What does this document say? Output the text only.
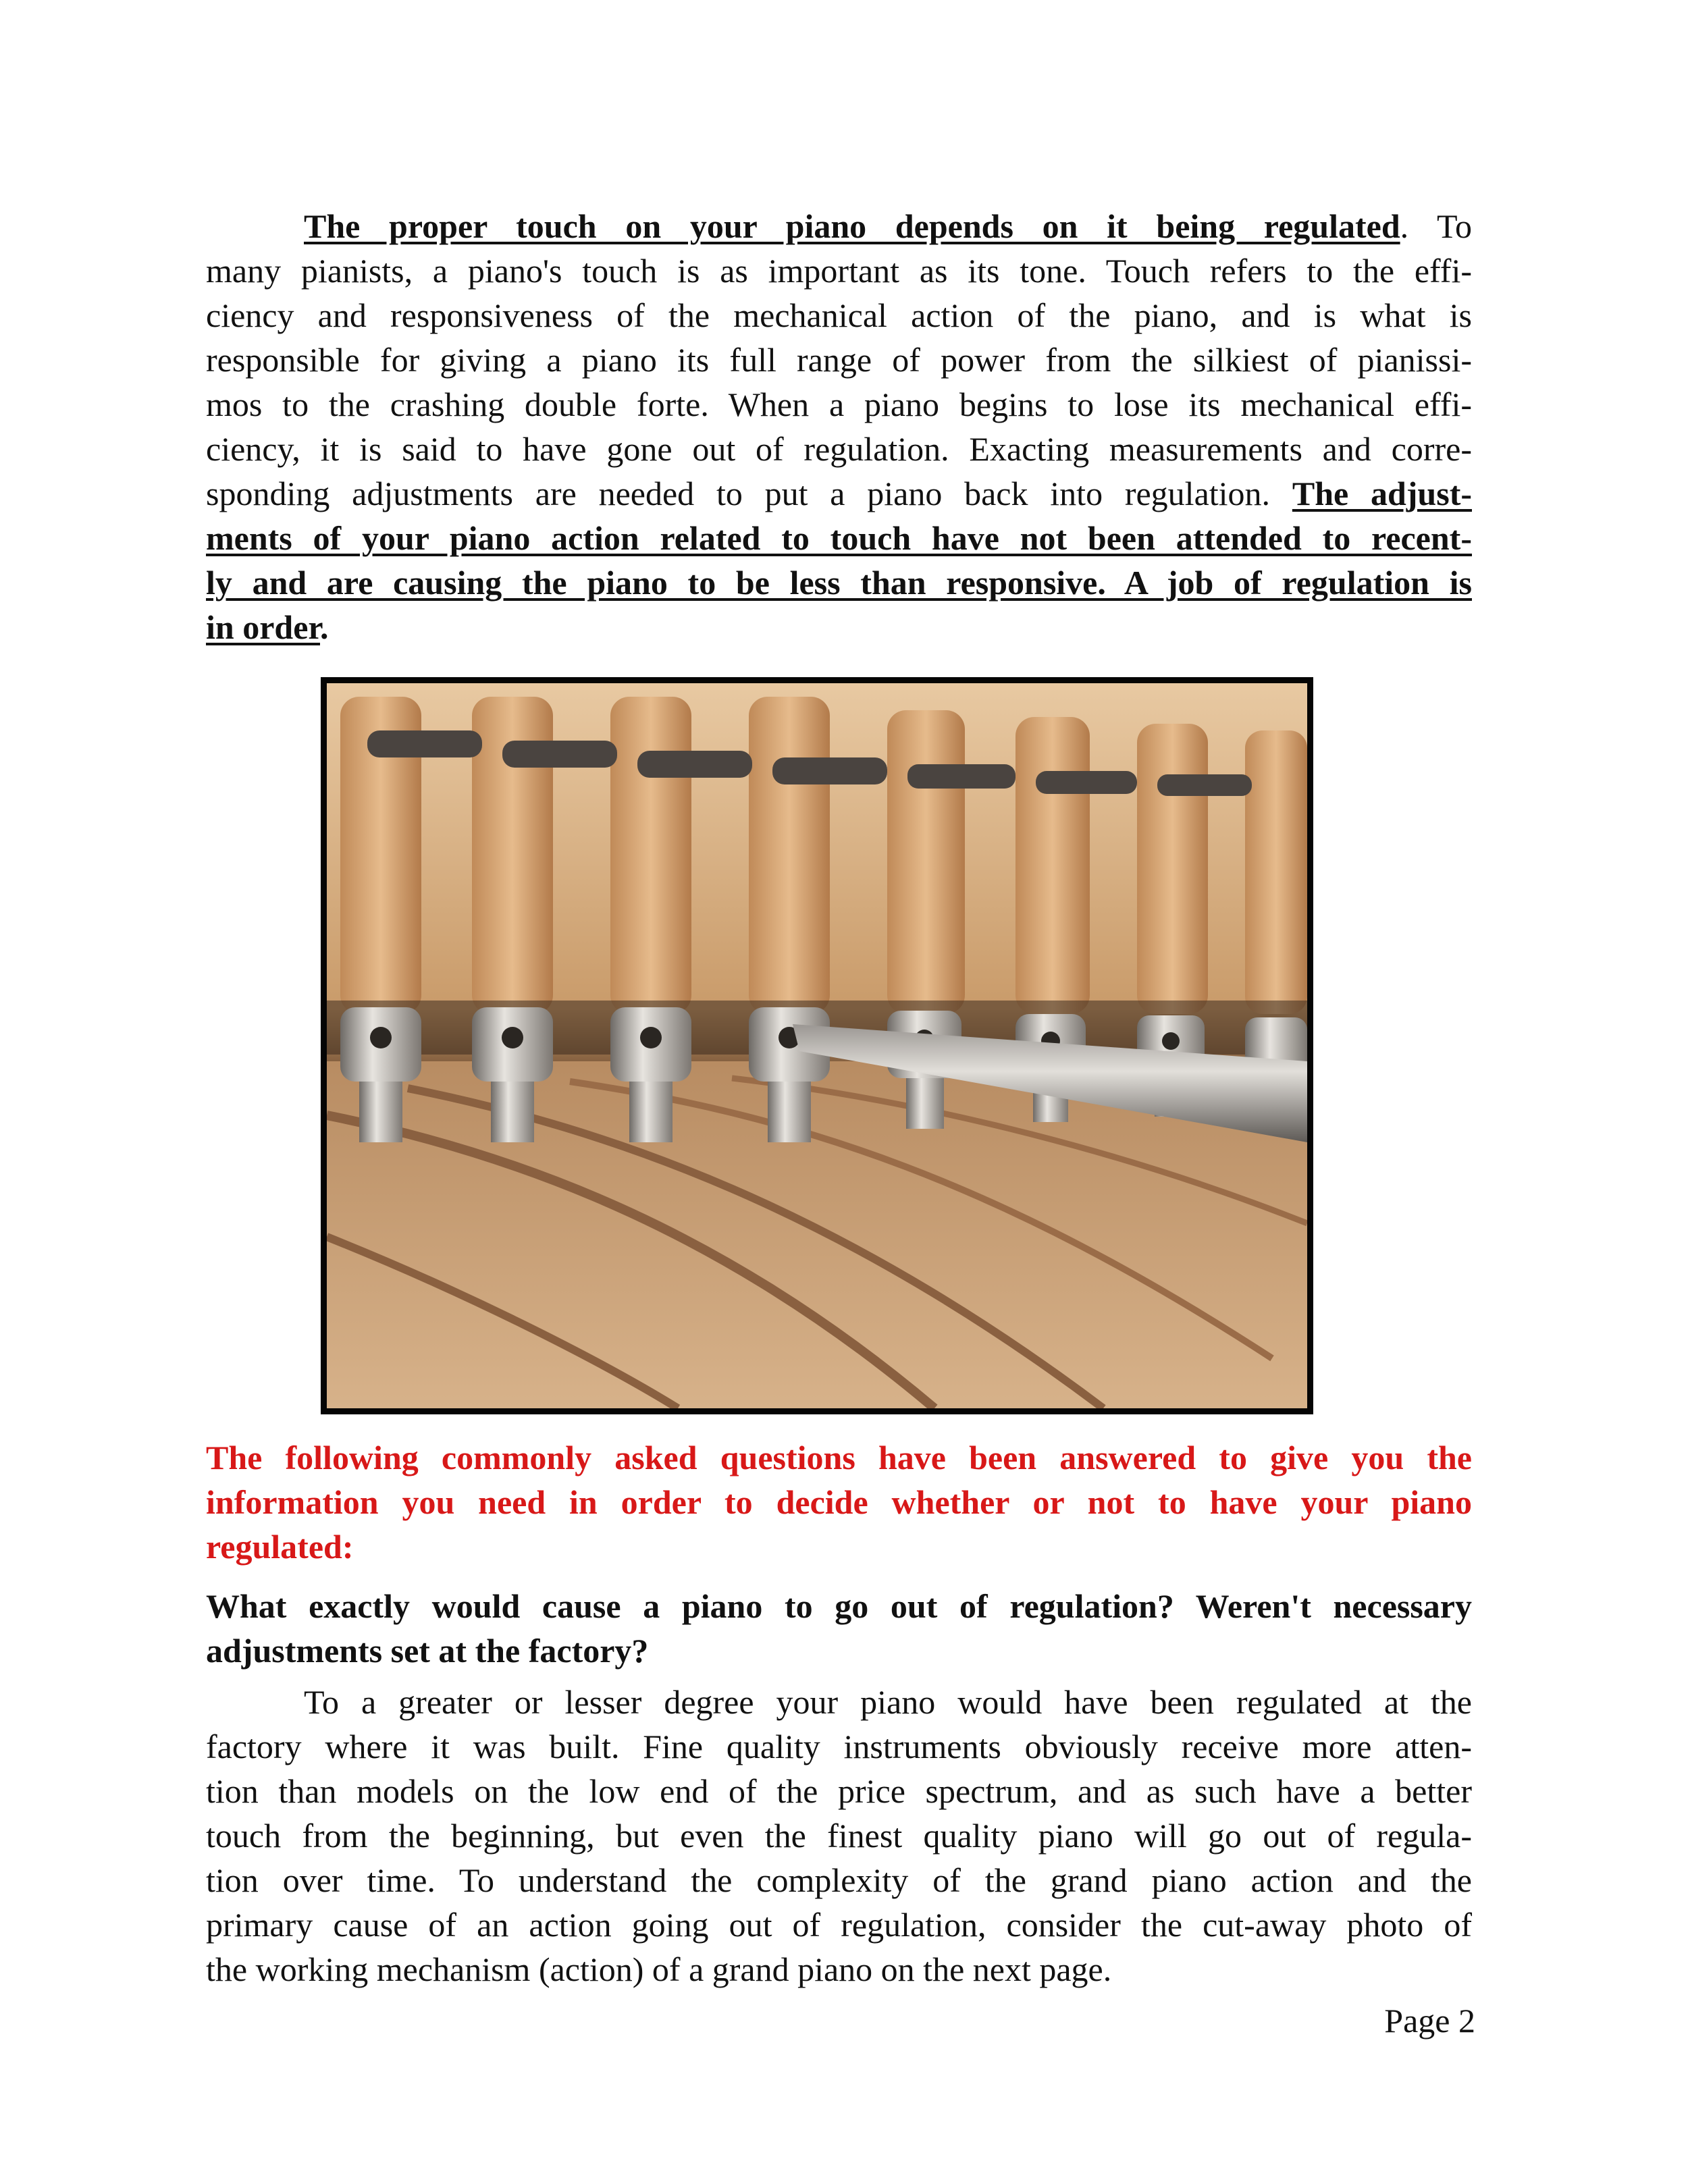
The proper touch on your piano depends on it being regulated. To
many pianists, a piano's touch is as important as its tone. Touch refers to the effi-
ciency and responsiveness of the mechanical action of the piano, and is what is
responsible for giving a piano its full range of power from the silkiest of pianissi-
mos to the crashing double forte. When a piano begins to lose its mechanical effi-
ciency, it is said to have gone out of regulation. Exacting measurements and corre-
sponding adjustments are needed to put a piano back into regulation. The adjust-
ments of your piano action related to touch have not been attended to recent-
ly and are causing the piano to be less than responsive. A job of regulation is
in order.

The following commonly asked questions have been answered to give you the
information you need in order to decide whether or not to have your piano
regulated:

What exactly would cause a piano to go out of regulation? Weren't necessary
adjustments set at the factory?

To a greater or lesser degree your piano would have been regulated at the
factory where it was built. Fine quality instruments obviously receive more atten-
tion than models on the low end of the price spectrum, and as such have a better
touch from the beginning, but even the finest quality piano will go out of regula-
tion over time. To understand the complexity of the grand piano action and the
primary cause of an action going out of regulation, consider the cut-away photo of
the working mechanism (action) of a grand piano on the next page.

Page 2
